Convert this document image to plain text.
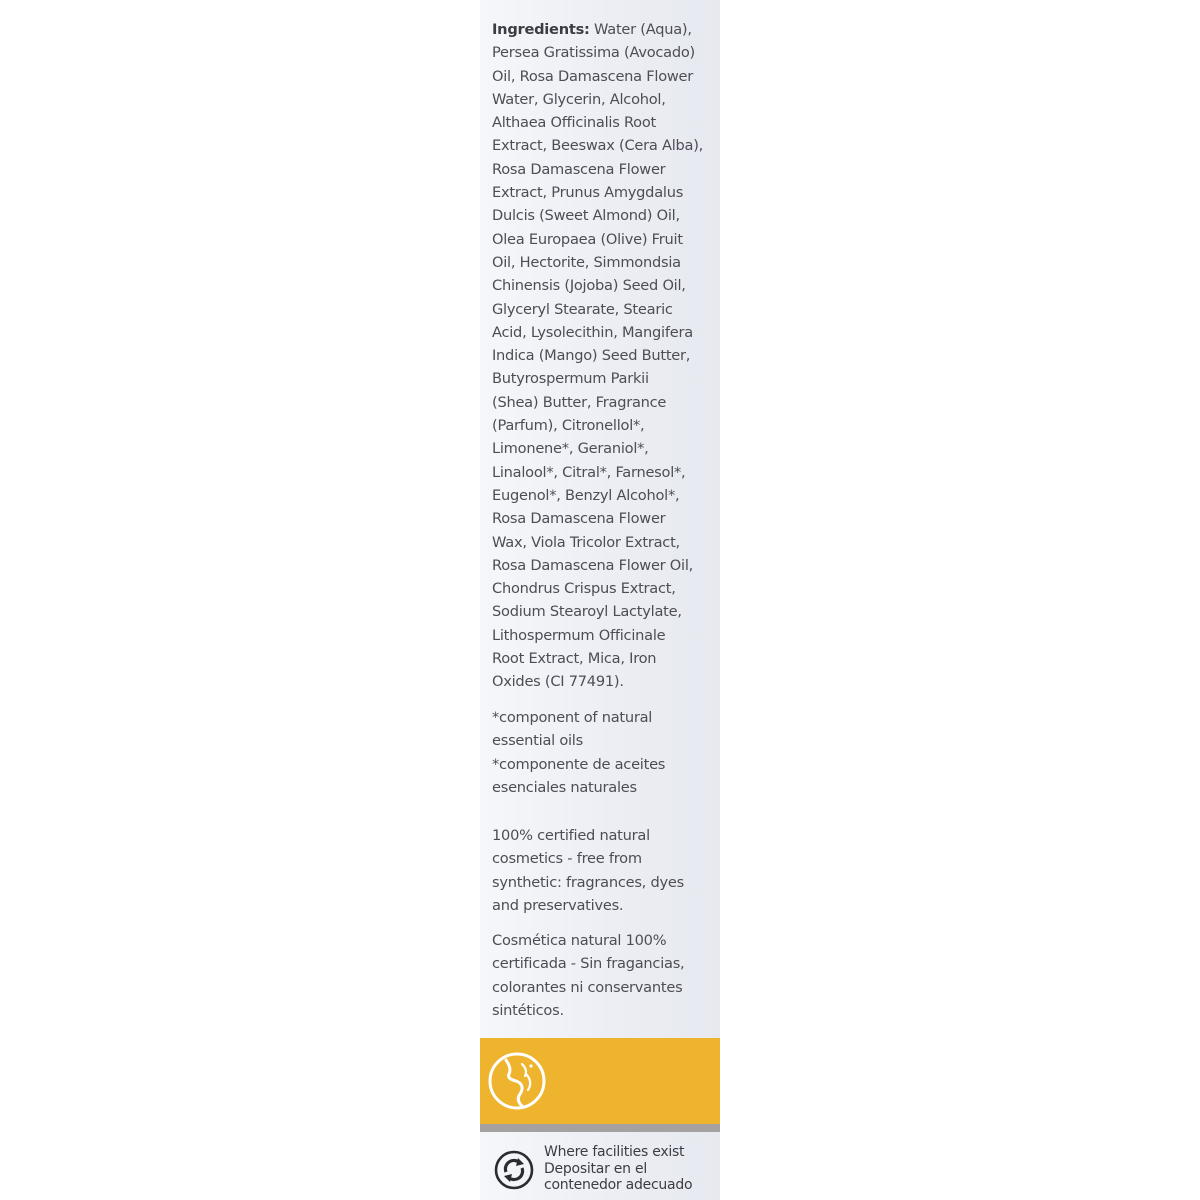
Ingredients: Water (Aqua),
Persea Gratissima (Avocado)
Oil, Rosa Damascena Flower
Water, Glycerin, Alcohol,
Althaea Officinalis Root
Extract, Beeswax (Cera Alba),
Rosa Damascena Flower
Extract, Prunus Amygdalus
Dulcis (Sweet Almond) Oil,
Olea Europaea (Olive) Fruit
Oil, Hectorite, Simmondsia
Chinensis (Jojoba) Seed Oil,
Glyceryl Stearate, Stearic
Acid, Lysolecithin, Mangifera
Indica (Mango) Seed Butter,
Butyrospermum Parkii
(Shea) Butter, Fragrance
(Parfum), Citronellol*,
Limonene*, Geraniol*,
Linalool*, Citral*, Farnesol*,
Eugenol*, Benzyl Alcohol*,
Rosa Damascena Flower
Wax, Viola Tricolor Extract,
Rosa Damascena Flower Oil,
Chondrus Crispus Extract,
Sodium Stearoyl Lactylate,
Lithospermum Officinale
Root Extract, Mica, Iron
Oxides (CI 77491).
*component of natural
essential oils
*componente de aceites
esenciales naturales
100% certified natural
cosmetics - free from
synthetic: fragrances, dyes
and preservatives.
Cosmética natural 100%
certificada - Sin fragancias,
colorantes ni conservantes
sintéticos.
Where facilities exist
Depositar en el
contenedor adecuado
